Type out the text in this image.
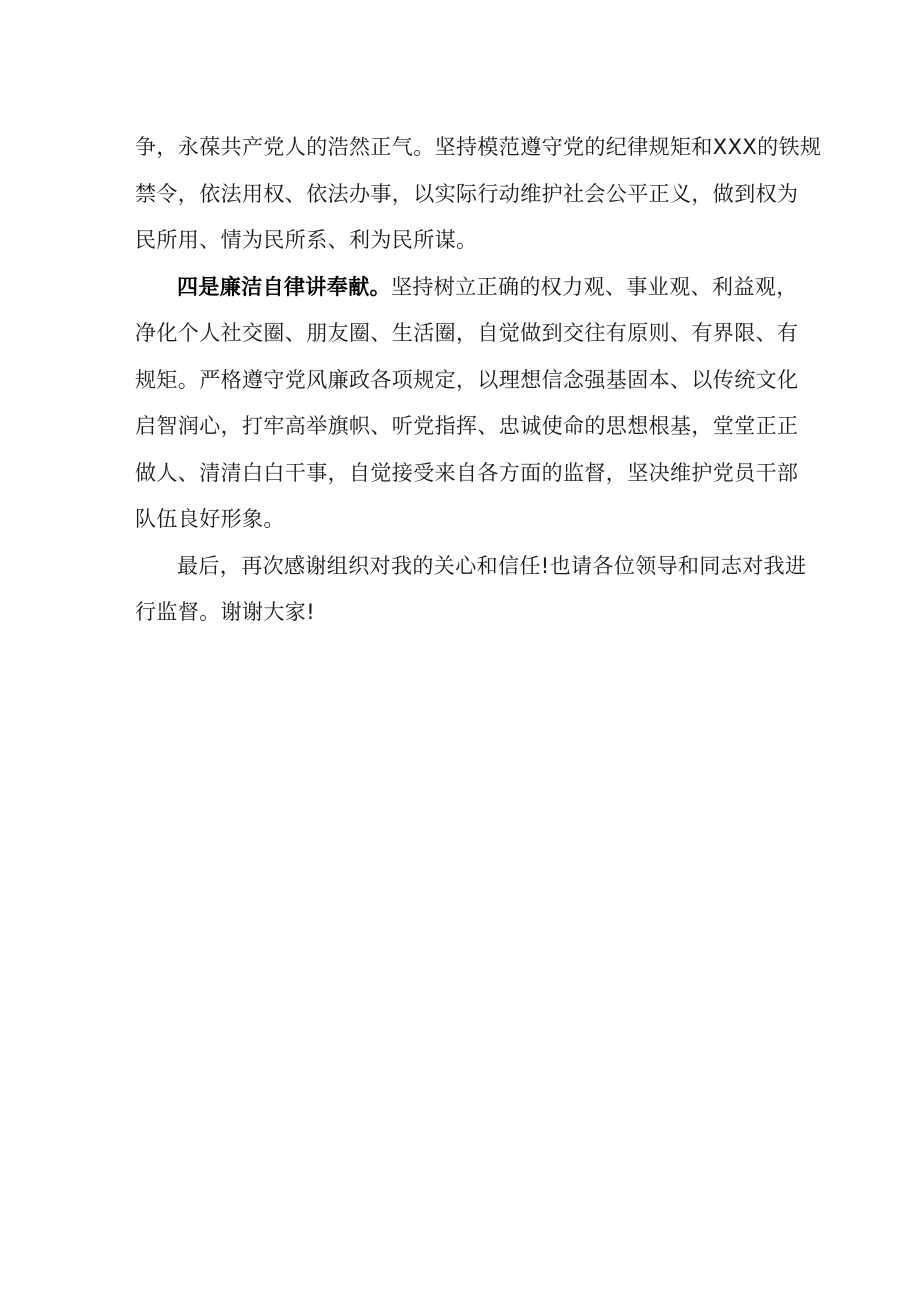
争，永葆共产党人的浩然正气。坚持模范遵守党的纪律规矩和XXX的铁规
禁令，依法用权、依法办事，以实际行动维护社会公平正义，做到权为
民所用、情为民所系、利为民所谋。

四是廉洁自律讲奉献。坚持树立正确的权力观、事业观、利益观，
净化个人社交圈、朋友圈、生活圈，自觉做到交往有原则、有界限、有
规矩。严格遵守党风廉政各项规定，以理想信念强基固本、以传统文化
启智润心，打牢高举旗帜、听党指挥、忠诚使命的思想根基，堂堂正正
做人、清清白白干事，自觉接受来自各方面的监督，坚决维护党员干部
队伍良好形象。

最后，再次感谢组织对我的关心和信任!也请各位领导和同志对我进
行监督。谢谢大家!
